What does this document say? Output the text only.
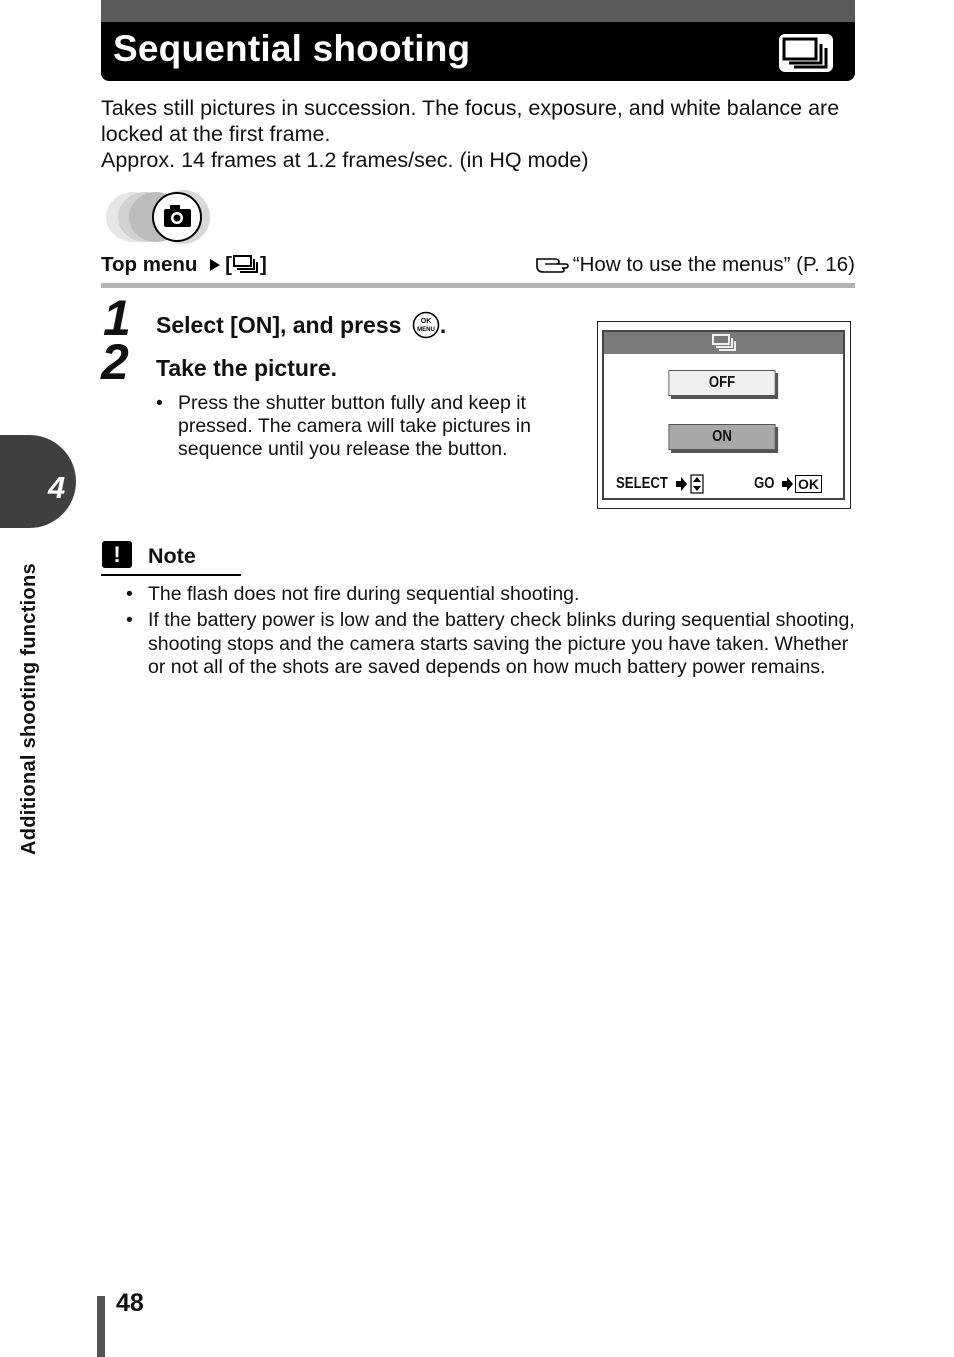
Sequential shooting

Takes still pictures in succession. The focus, exposure, and white balance are locked at the first frame.

Approx. 14 frames at 1.2 frames/sec. (in HQ mode)

Top menu [ ]	“How to use the menus” (P. 16)
1 Select [ON], and press	OK
MENU .
2 Take the picture.
• Press the shutter button fully and keep it pressed. The camera will take pictures in sequence until you release the button.
OFF
ON
SELECT	GO OK
!	Note
• The flash does not fire during sequential shooting.
• If the battery power is low and the battery check blinks during sequential shooting, shooting stops and the camera starts saving the picture you have taken. Whether or not all of the shots are saved depends on how much battery power remains.
4
Additional shooting functions
48
